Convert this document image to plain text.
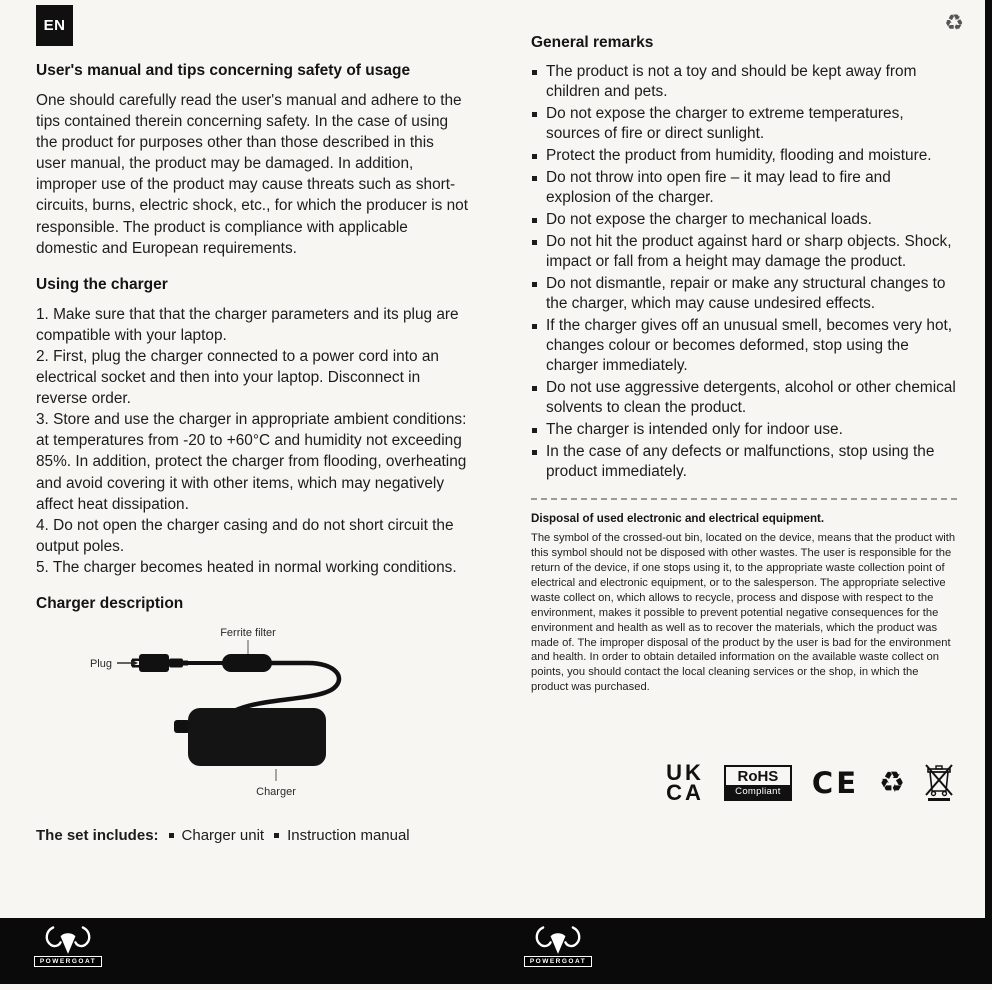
EN	♻
User's manual and tips concerning safety of usage

One should carefully read the user's manual and adhere to the tips contained therein concerning safety. In the case of using the product for purposes other than those described in this user manual, the product may be damaged. In addition, improper use of the product may cause threats such as short-circuits, burns, electric shock, etc., for which the producer is not responsible. The product is compliance with applicable domestic and European requirements.

Using the charger

1. Make sure that that the charger parameters and its plug are compatible with your laptop.

2. First, plug the charger connected to a power cord into an electrical socket and then into your laptop. Disconnect in reverse order.

3. Store and use the charger in appropriate ambient conditions: at temperatures from -20 to +60°C and humidity not exceeding 85%. In addition, protect the charger from flooding, overheating and avoid covering it with other items, which may negatively affect heat dissipation.

4. Do not open the charger casing and do not short circuit the output poles.

5. The charger becomes heated in normal working conditions.

Charger description
Ferrite filter
Plug
Charger
The set includes:	Charger unit	Instruction manual
General remarks
The product is not a toy and should be kept away from children and pets.
Do not expose the charger to extreme temperatures, sources of fire or direct sunlight.
Protect the product from humidity, flooding and moisture.
Do not throw into open fire – it may lead to fire and explosion of the charger.
Do not expose the charger to mechanical loads.
Do not hit the product against hard or sharp objects. Shock, impact or fall from a height may damage the product.
Do not dismantle, repair or make any structural changes to the charger, which may cause undesired effects.
If the charger gives off an unusual smell, becomes very hot, changes colour or becomes deformed, stop using the charger immediately.
Do not use aggressive detergents, alcohol or other chemical solvents to clean the product.
The charger is intended only for indoor use.
In the case of any defects or malfunctions, stop using the product immediately.
Disposal of used electronic and electrical equipment.

The symbol of the crossed-out bin, located on the device, means that the product with this symbol should not be disposed with other wastes. The user is responsible for the return of the device, if one stops using it, to the appropriate waste collection point of electrical and electronic equipment, or to the salesperson. The appropriate selective waste collect on, which allows to recycle, process and dispose with respect to the environment, makes it possible to prevent potential negative consequences for the environment and health as well as to recover the materials, which the product was made of. The improper disposal of the product by the user is bad for the environment and health. In order to obtain detailed information on the available waste collect on points, you should contact the local cleaning services or the shop, in which the product was purchased.

UK
CA
RoHS
Compliant	CE ♻
POWERGOAT	POWERGOAT
